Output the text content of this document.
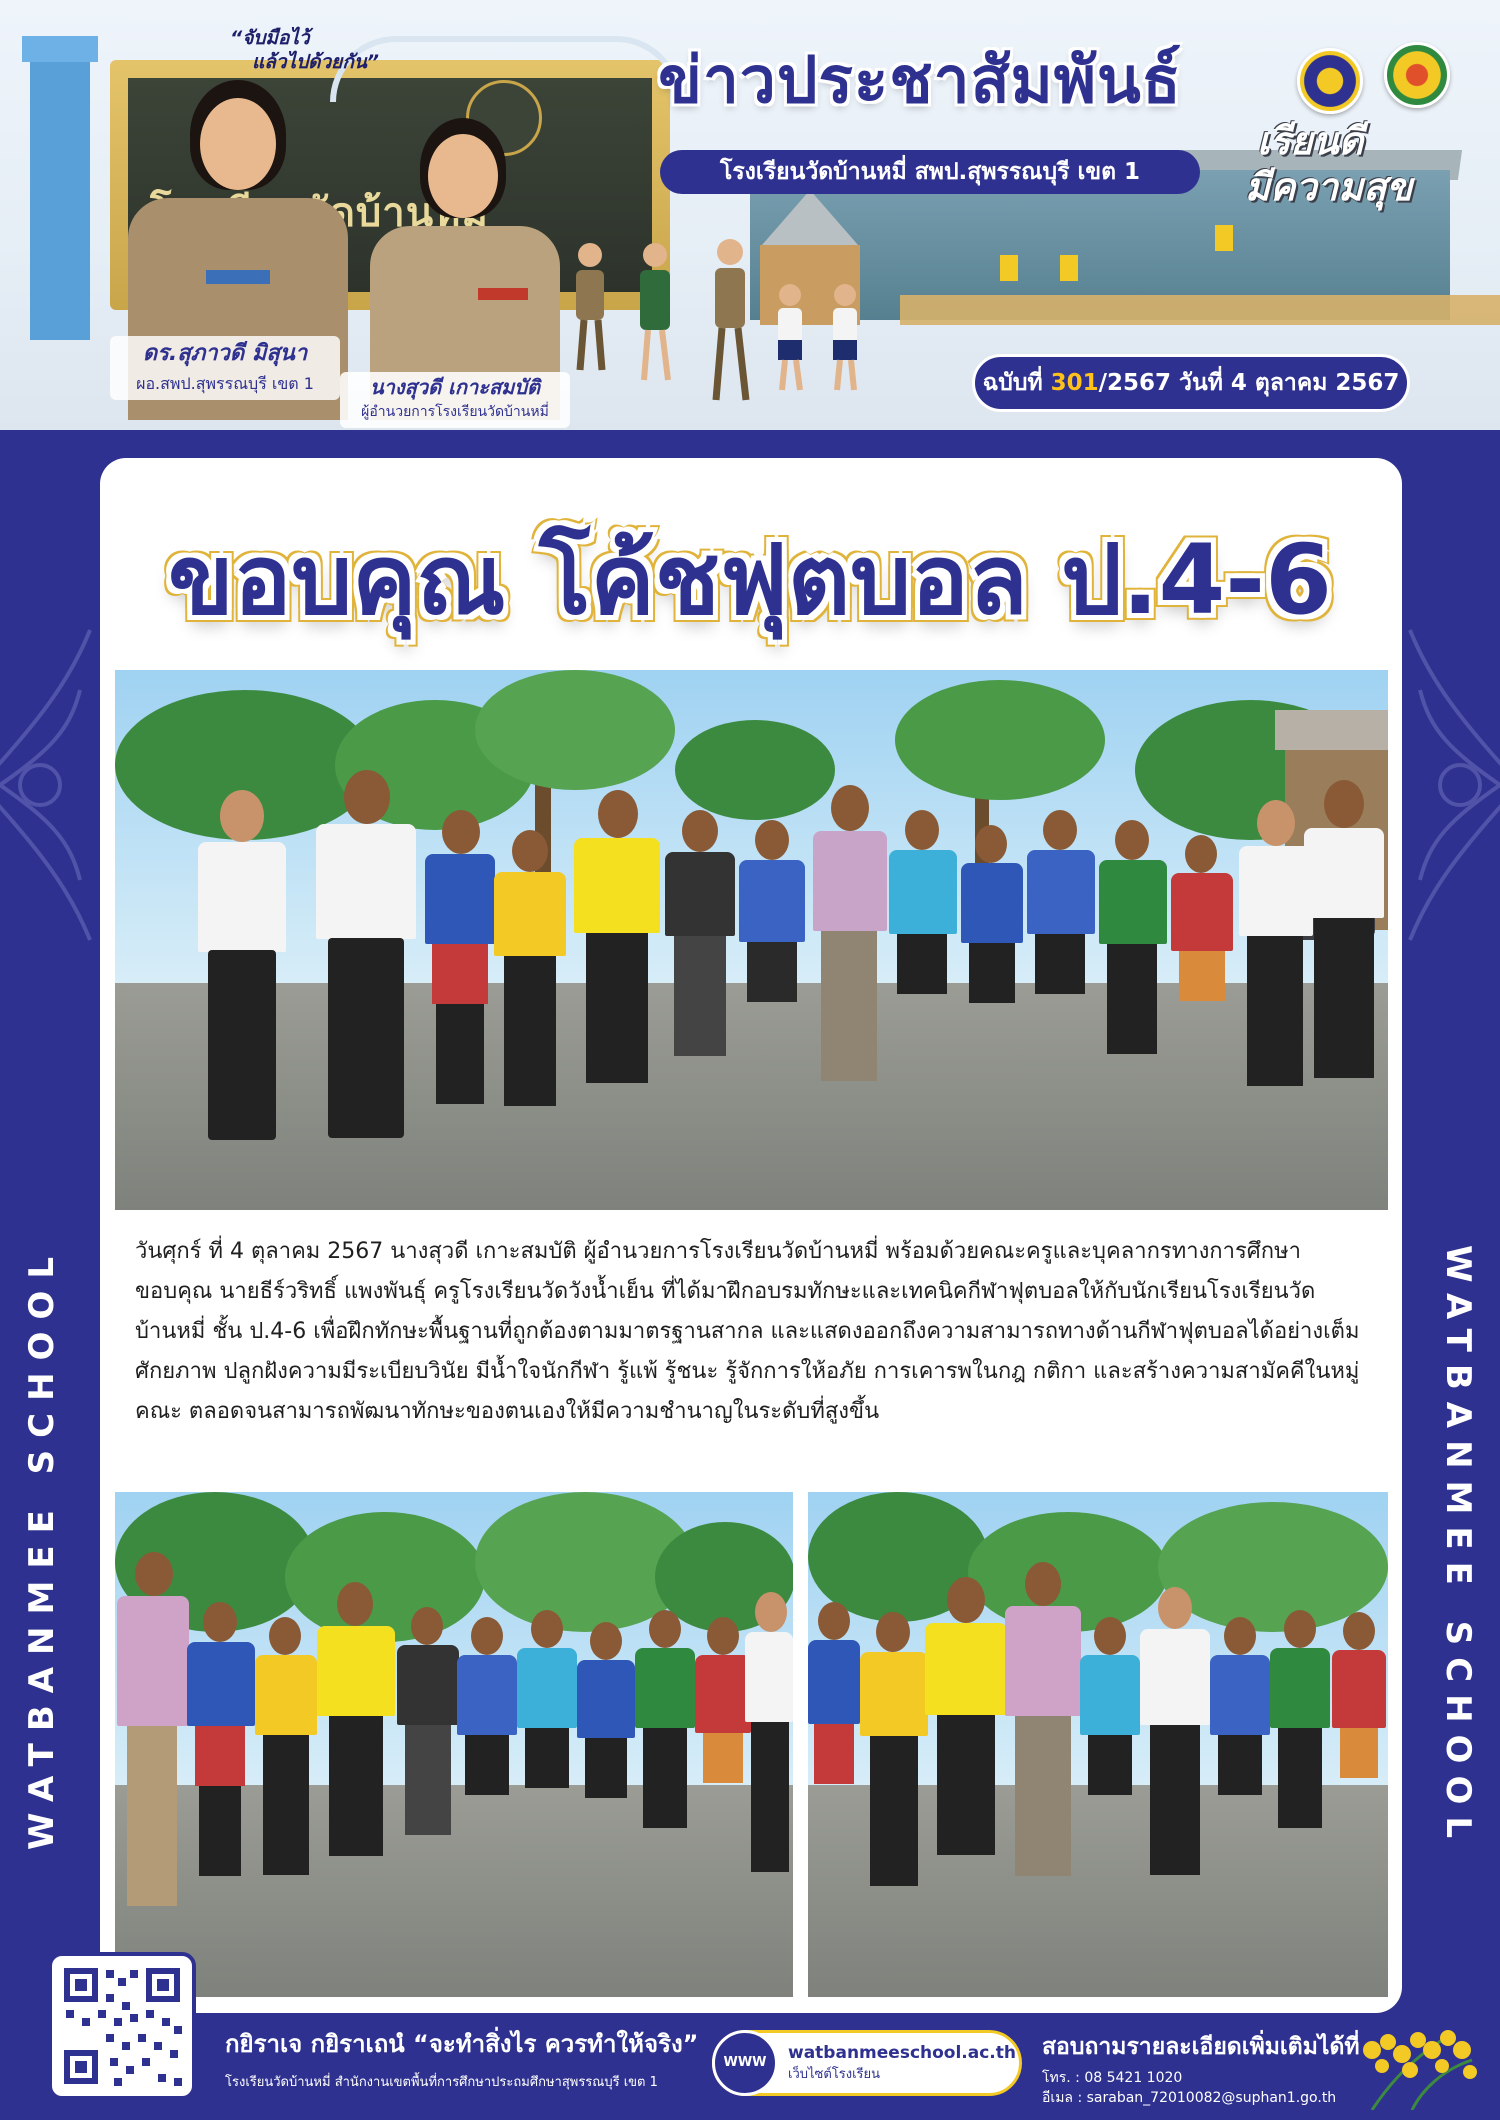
“จับมือไว้
แล้วไปด้วยกัน”
ดร.สุภาวดี มิสุนา
ผอ.สพป.สุพรรณบุรี เขต 1	นางสุวดี เกาะสมบัติ
ผู้อำนวยการโรงเรียนวัดบ้านหมี่
ข่าวประชาสัมพันธ์
โรงเรียนวัดบ้านหมี่ สพป.สุพรรณบุรี เขต 1
เรียนดี
มีความสุข
ฉบับที่ 301/2567 วันที่ 4 ตุลาคม 2567
WATBANMEE SCHOOL	WATBANMEE SCHOOL
ขอบคุณ โค้ชฟุตบอล ป.4-6
วันศุกร์ ที่ 4 ตุลาคม 2567 นางสุวดี เกาะสมบัติ ผู้อำนวยการโรงเรียนวัดบ้านหมี่ พร้อมด้วยคณะครูและบุคลากรทางการศึกษา ขอบคุณ นายธีร์วริทธิ์ แพงพันธุ์ ครูโรงเรียนวัดวังน้ำเย็น ที่ได้มาฝึกอบรมทักษะและเทคนิคกีฬาฟุตบอลให้กับนักเรียนโรงเรียนวัดบ้านหมี่ ชั้น ป.4-6 เพื่อฝึกทักษะพื้นฐานที่ถูกต้องตามมาตรฐานสากล และแสดงออกถึงความสามารถทางด้านกีฬาฟุตบอลได้อย่างเต็มศักยภาพ ปลูกฝังความมีระเบียบวินัย มีน้ำใจนักกีฬา รู้แพ้ รู้ชนะ รู้จักการให้อภัย การเคารพในกฎ กติกา และสร้างความสามัคคีในหมู่คณะ ตลอดจนสามารถพัฒนาทักษะของตนเองให้มีความชำนาญในระดับที่สูงขึ้น
กยิราเจ กยิราเถนํ “จะทำสิ่งไร ควรทำให้จริง”
โรงเรียนวัดบ้านหมี่ สำนักงานเขตพื้นที่การศึกษาประถมศึกษาสุพรรณบุรี เขต 1
WWW	watbanmeeschool.ac.th
เว็บไซต์โรงเรียน
สอบถามรายละเอียดเพิ่มเติมได้ที่
โทร. : 08 5421 1020
อีเมล : saraban_72010082@suphan1.go.th
